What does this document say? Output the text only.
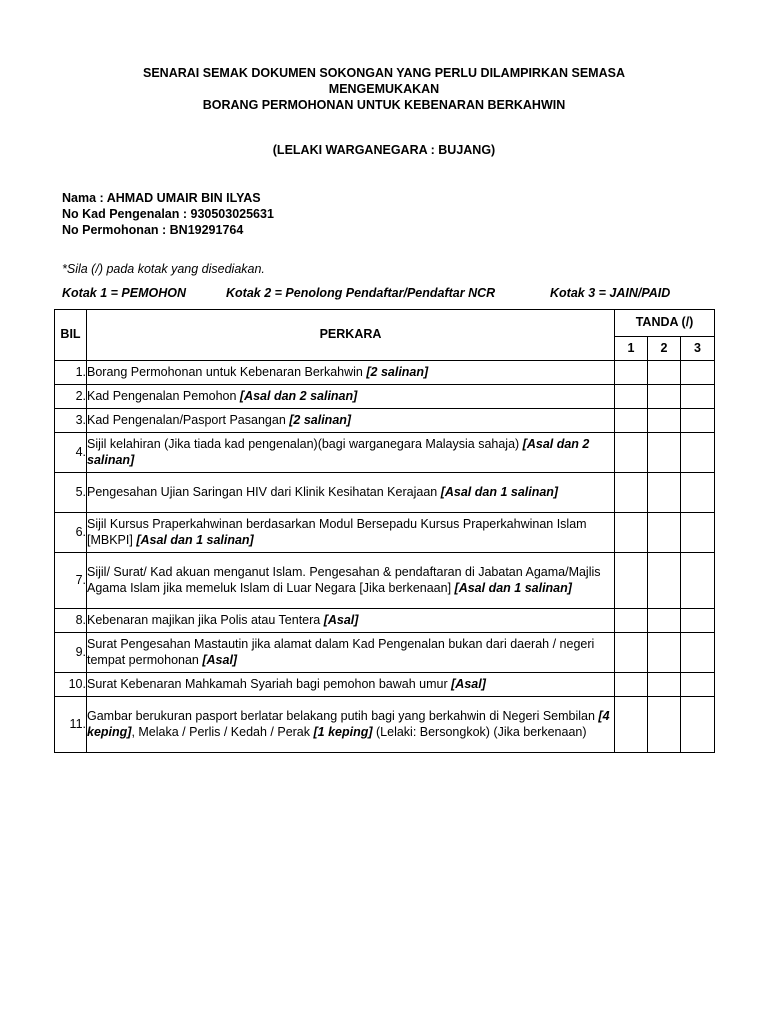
SENARAI SEMAK DOKUMEN SOKONGAN YANG PERLU DILAMPIRKAN SEMASA
MENGEMUKAKAN
BORANG PERMOHONAN UNTUK KEBENARAN BERKAHWIN
(LELAKI WARGANEGARA : BUJANG)
Nama : AHMAD UMAIR BIN ILYAS
No Kad Pengenalan : 930503025631
No Permohonan : BN19291764
*Sila (/) pada kotak yang disediakan.
Kotak 1 = PEMOHON	Kotak 2 = Penolong Pendaftar/Pendaftar NCR	Kotak 3 = JAIN/PAID
BIL	PERKARA	TANDA (/)		
		1	2	3
1.	Borang Permohonan untuk Kebenaran Berkahwin [2 salinan]			
2.	Kad Pengenalan Pemohon [Asal dan 2 salinan]			
3.	Kad Pengenalan/Pasport Pasangan [2 salinan]			
4.	Sijil kelahiran (Jika tiada kad pengenalan)(bagi warganegara Malaysia sahaja) [Asal dan 2 salinan]			
5.	Pengesahan Ujian Saringan HIV dari Klinik Kesihatan Kerajaan [Asal dan 1 salinan]			
6.	Sijil Kursus Praperkahwinan berdasarkan Modul Bersepadu Kursus Praperkahwinan Islam [MBKPI] [Asal dan 1 salinan]			
7.	Sijil/ Surat/ Kad akuan menganut Islam. Pengesahan & pendaftaran di Jabatan Agama/Majlis Agama Islam jika memeluk Islam di Luar Negara [Jika berkenaan] [Asal dan 1 salinan]			
8.	Kebenaran majikan jika Polis atau Tentera [Asal]			
9.	Surat Pengesahan Mastautin jika alamat dalam Kad Pengenalan bukan dari daerah / negeri tempat permohonan [Asal]			
10.	Surat Kebenaran Mahkamah Syariah bagi pemohon bawah umur [Asal]			
11.	Gambar berukuran pasport berlatar belakang putih bagi yang berkahwin di Negeri Sembilan [4 keping], Melaka / Perlis / Kedah / Perak [1 keping] (Lelaki: Bersongkok) (Jika berkenaan)			
